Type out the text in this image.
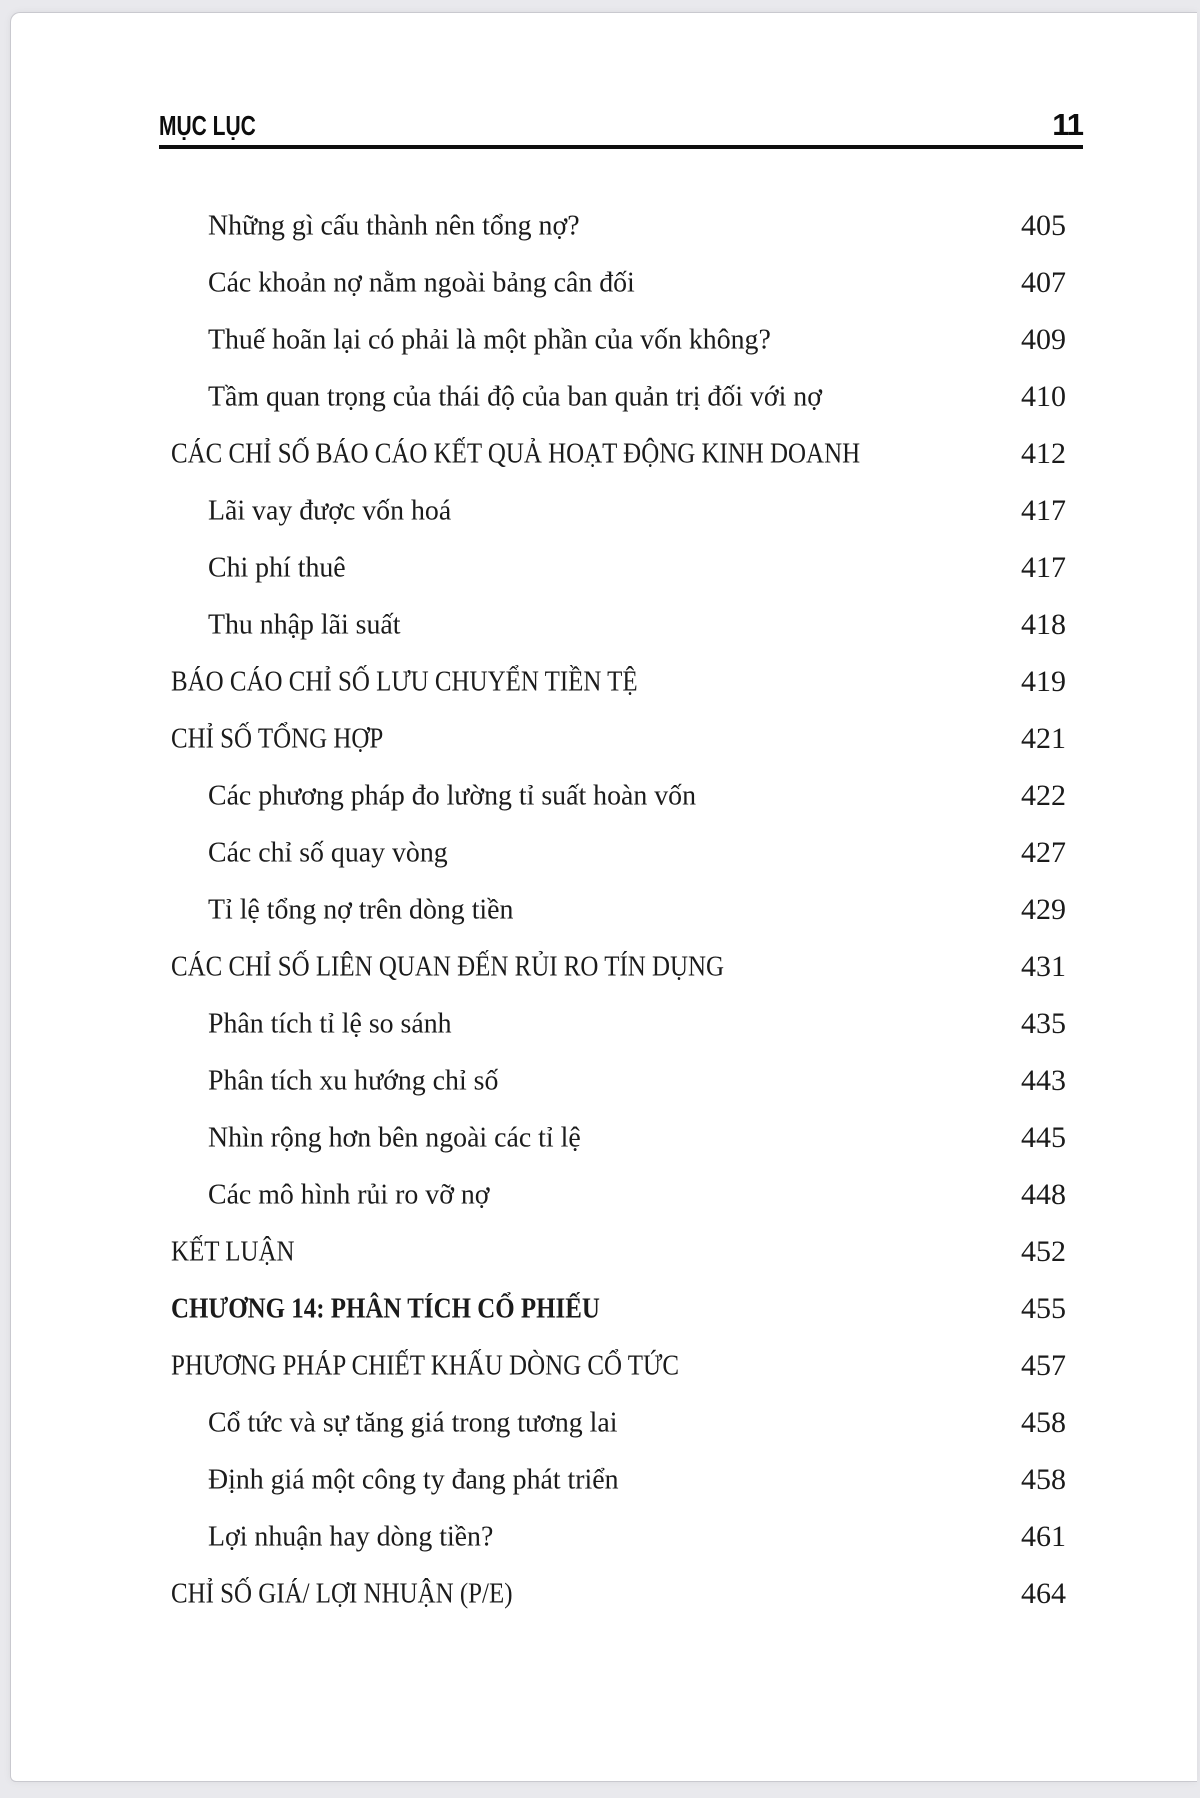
MỤC LỤC	11
Những gì cấu thành nên tổng nợ?	405
Các khoản nợ nằm ngoài bảng cân đối	407
Thuế hoãn lại có phải là một phần của vốn không?	409
Tầm quan trọng của thái độ của ban quản trị đối với nợ	410
CÁC CHỈ SỐ BÁO CÁO KẾT QUẢ HOẠT ĐỘNG KINH DOANH	412
Lãi vay được vốn hoá	417
Chi phí thuê	417
Thu nhập lãi suất	418
BÁO CÁO CHỈ SỐ LƯU CHUYỂN TIỀN TỆ	419
CHỈ SỐ TỔNG HỢP	421
Các phương pháp đo lường tỉ suất hoàn vốn	422
Các chỉ số quay vòng	427
Tỉ lệ tổng nợ trên dòng tiền	429
CÁC CHỈ SỐ LIÊN QUAN ĐẾN RỦI RO TÍN DỤNG	431
Phân tích tỉ lệ so sánh	435
Phân tích xu hướng chỉ số	443
Nhìn rộng hơn bên ngoài các tỉ lệ	445
Các mô hình rủi ro vỡ nợ	448
KẾT LUẬN	452
CHƯƠNG 14: PHÂN TÍCH CỔ PHIẾU	455
PHƯƠNG PHÁP CHIẾT KHẤU DÒNG CỔ TỨC	457
Cổ tức và sự tăng giá trong tương lai	458
Định giá một công ty đang phát triển	458
Lợi nhuận hay dòng tiền?	461
CHỈ SỐ GIÁ/ LỢI NHUẬN (P/E)	464
